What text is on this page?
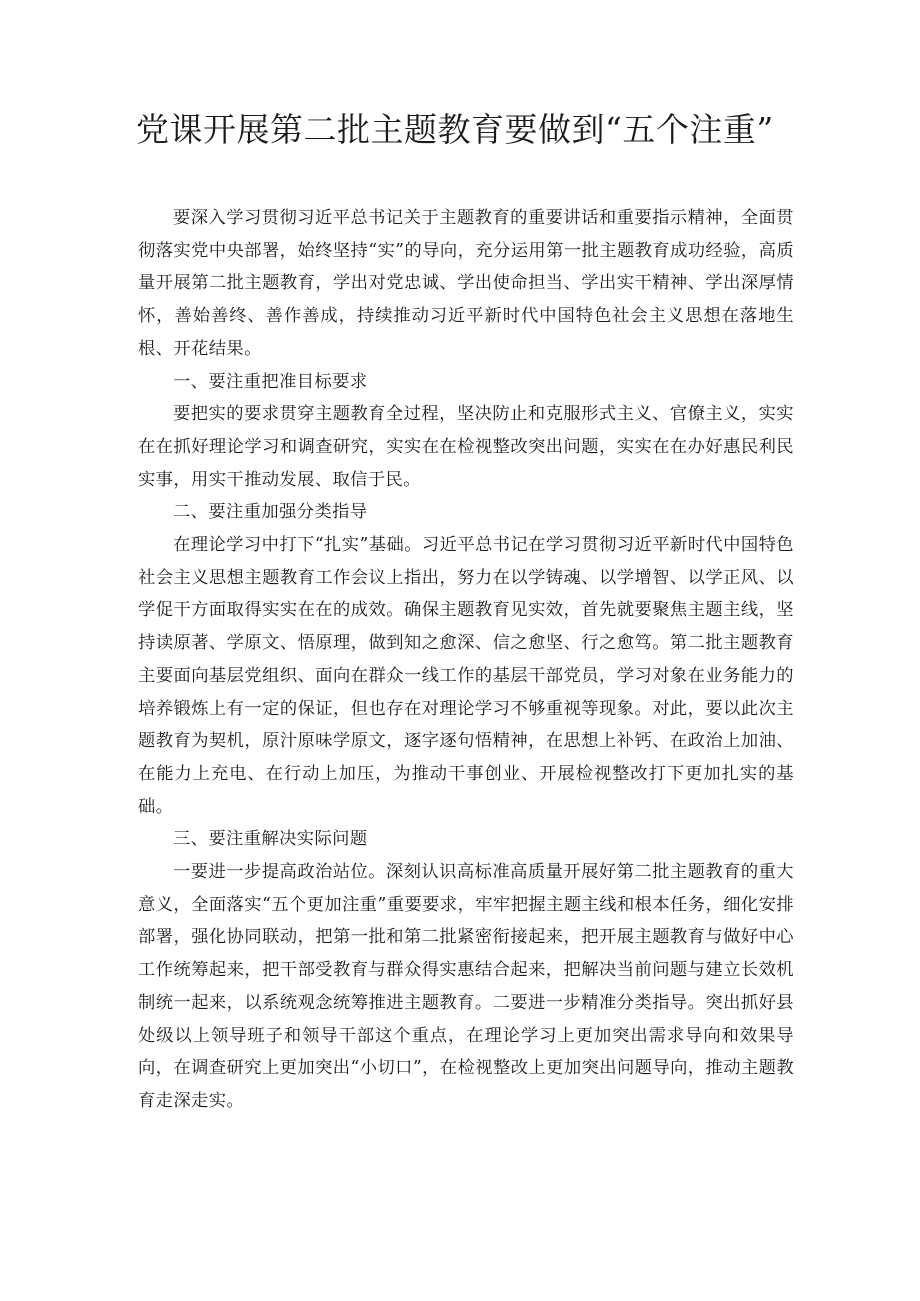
党课开展第二批主题教育要做到“五个注重”

要深入学习贯彻习近平总书记关于主题教育的重要讲话和重要指示精神，全面贯彻落实党中央部署，始终坚持“实”的导向，充分运用第一批主题教育成功经验，高质量开展第二批主题教育，学出对党忠诚、学出使命担当、学出实干精神、学出深厚情怀，善始善终、善作善成，持续推动习近平新时代中国特色社会主义思想在落地生根、开花结果。

一、要注重把准目标要求

要把实的要求贯穿主题教育全过程，坚决防止和克服形式主义、官僚主义，实实在在抓好理论学习和调查研究，实实在在检视整改突出问题，实实在在办好惠民利民实事，用实干推动发展、取信于民。

二、要注重加强分类指导

在理论学习中打下“扎实”基础。习近平总书记在学习贯彻习近平新时代中国特色社会主义思想主题教育工作会议上指出，努力在以学铸魂、以学增智、以学正风、以学促干方面取得实实在在的成效。确保主题教育见实效，首先就要聚焦主题主线，坚持读原著、学原文、悟原理，做到知之愈深、信之愈坚、行之愈笃。第二批主题教育主要面向基层党组织、面向在群众一线工作的基层干部党员，学习对象在业务能力的培养锻炼上有一定的保证，但也存在对理论学习不够重视等现象。对此，要以此次主题教育为契机，原汁原味学原文，逐字逐句悟精神，在思想上补钙、在政治上加油、在能力上充电、在行动上加压，为推动干事创业、开展检视整改打下更加扎实的基础。

三、要注重解决实际问题

一要进一步提高政治站位。深刻认识高标准高质量开展好第二批主题教育的重大意义，全面落实“五个更加注重”重要要求，牢牢把握主题主线和根本任务，细化安排部署，强化协同联动，把第一批和第二批紧密衔接起来，把开展主题教育与做好中心工作统筹起来，把干部受教育与群众得实惠结合起来，把解决当前问题与建立长效机制统一起来，以系统观念统筹推进主题教育。二要进一步精准分类指导。突出抓好县处级以上领导班子和领导干部这个重点，在理论学习上更加突出需求导向和效果导向，在调查研究上更加突出“小切口”，在检视整改上更加突出问题导向，推动主题教育走深走实。
